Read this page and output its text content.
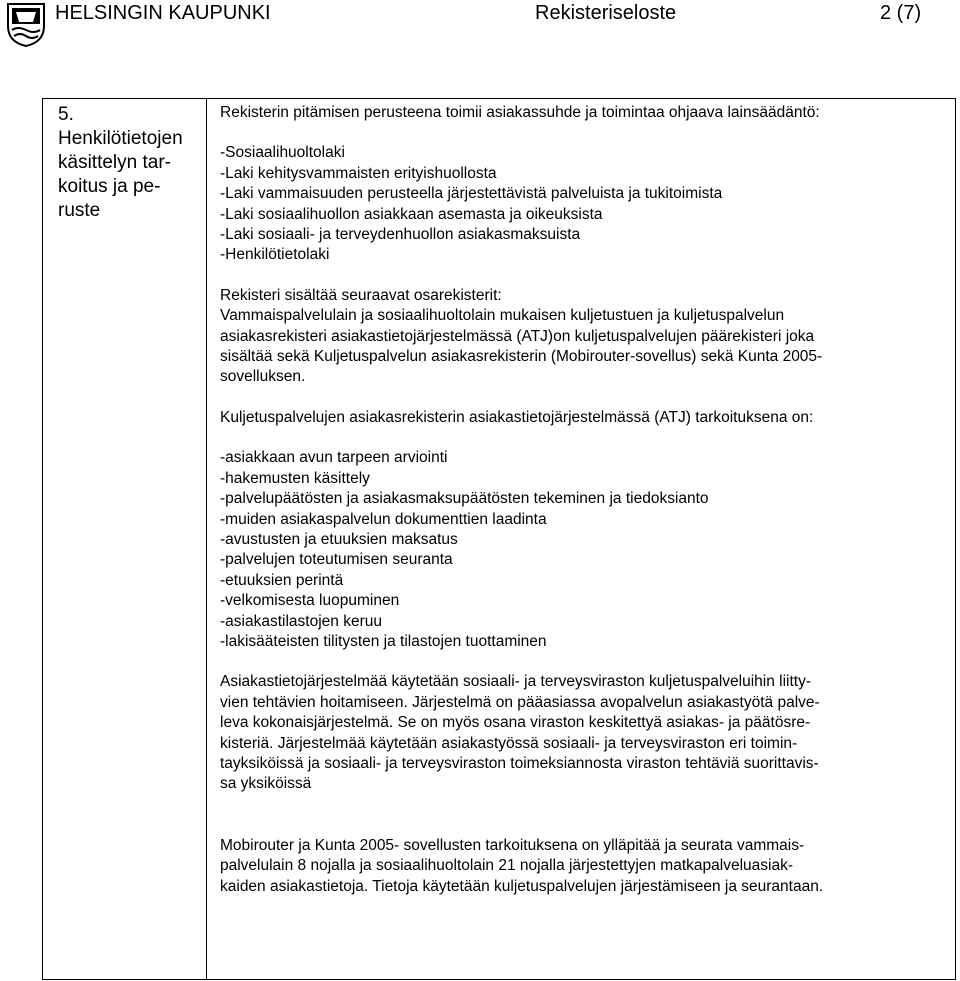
HELSINGIN KAUPUNKI	Rekisteriseloste	2 (7)
5.
Henkilötietojen
käsittelyn tar-
koitus ja pe-
ruste
Rekisterin pitämisen perusteena toimii asiakassuhde ja toimintaa ohjaava lainsäädäntö:
-Sosiaalihuoltolaki
-Laki kehitysvammaisten erityishuollosta
-Laki vammaisuuden perusteella järjestettävistä palveluista ja tukitoimista
-Laki sosiaalihuollon asiakkaan asemasta ja oikeuksista
-Laki sosiaali- ja terveydenhuollon asiakasmaksuista
-Henkilötietolaki
Rekisteri sisältää seuraavat osarekisterit:
Vammaispalvelulain ja sosiaalihuoltolain mukaisen kuljetustuen ja kuljetuspalvelun
asiakasrekisteri asiakastietojärjestelmässä (ATJ)on kuljetuspalvelujen päärekisteri joka
sisältää sekä Kuljetuspalvelun asiakasrekisterin (Mobirouter-sovellus) sekä Kunta 2005-
sovelluksen.
Kuljetuspalvelujen asiakasrekisterin asiakastietojärjestelmässä (ATJ) tarkoituksena on:
-asiakkaan avun tarpeen arviointi
-hakemusten käsittely
-palvelupäätösten ja asiakasmaksupäätösten tekeminen ja tiedoksianto
-muiden asiakaspalvelun dokumenttien laadinta
-avustusten ja etuuksien maksatus
-palvelujen toteutumisen seuranta
-etuuksien perintä
-velkomisesta luopuminen
-asiakastilastojen keruu
-lakisääteisten tilitysten ja tilastojen tuottaminen
Asiakastietojärjestelmää käytetään sosiaali- ja terveysviraston kuljetuspalveluihin liitty-
vien tehtävien hoitamiseen. Järjestelmä on pääasiassa avopalvelun asiakastyötä palve-
leva kokonaisjärjestelmä. Se on myös osana viraston keskitettyä asiakas- ja päätösre-
kisteriä. Järjestelmää käytetään asiakastyössä sosiaali- ja terveysviraston eri toimin-
tayksiköissä ja sosiaali- ja terveysviraston toimeksiannosta viraston tehtäviä suorittavis-
sa yksiköissä
Mobirouter ja Kunta 2005- sovellusten tarkoituksena on ylläpitää ja seurata vammais-
palvelulain 8 nojalla ja sosiaalihuoltolain 21 nojalla järjestettyjen matkapalveluasiak-
kaiden asiakastietoja. Tietoja käytetään kuljetuspalvelujen järjestämiseen ja seurantaan.
